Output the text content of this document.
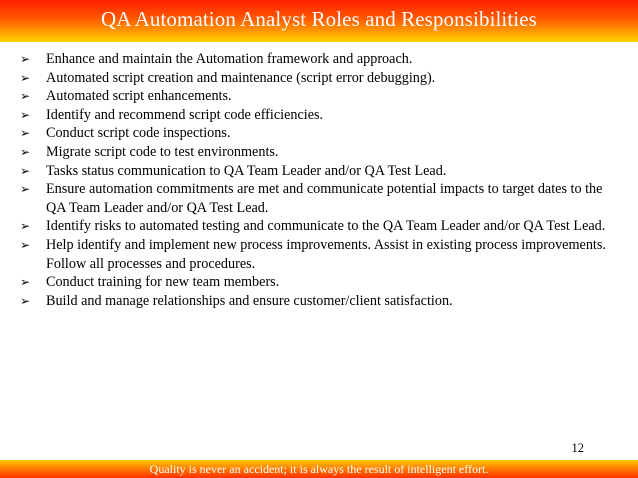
QA Automation Analyst Roles and Responsibilities
➢	Enhance and maintain the Automation framework and approach.
➢	Automated script creation and maintenance (script error debugging).
➢	Automated script enhancements.
➢	Identify and recommend script code efficiencies.
➢	Conduct script code inspections.
➢	Migrate script code to test environments.
➢	Tasks status communication to QA Team Leader and/or QA Test Lead.
➢	Ensure automation commitments are met and communicate potential impacts to target dates to the QA Team Leader and/or QA Test Lead.
➢	Identify risks to automated testing and communicate to the QA Team Leader and/or QA Test Lead.
➢	Help identify and implement new process improvements. Assist in existing process improvements. Follow all processes and procedures.
➢	Conduct training for new team members.
➢	Build and manage relationships and ensure customer/client satisfaction.
12
Quality is never an accident; it is always the result of intelligent effort.
